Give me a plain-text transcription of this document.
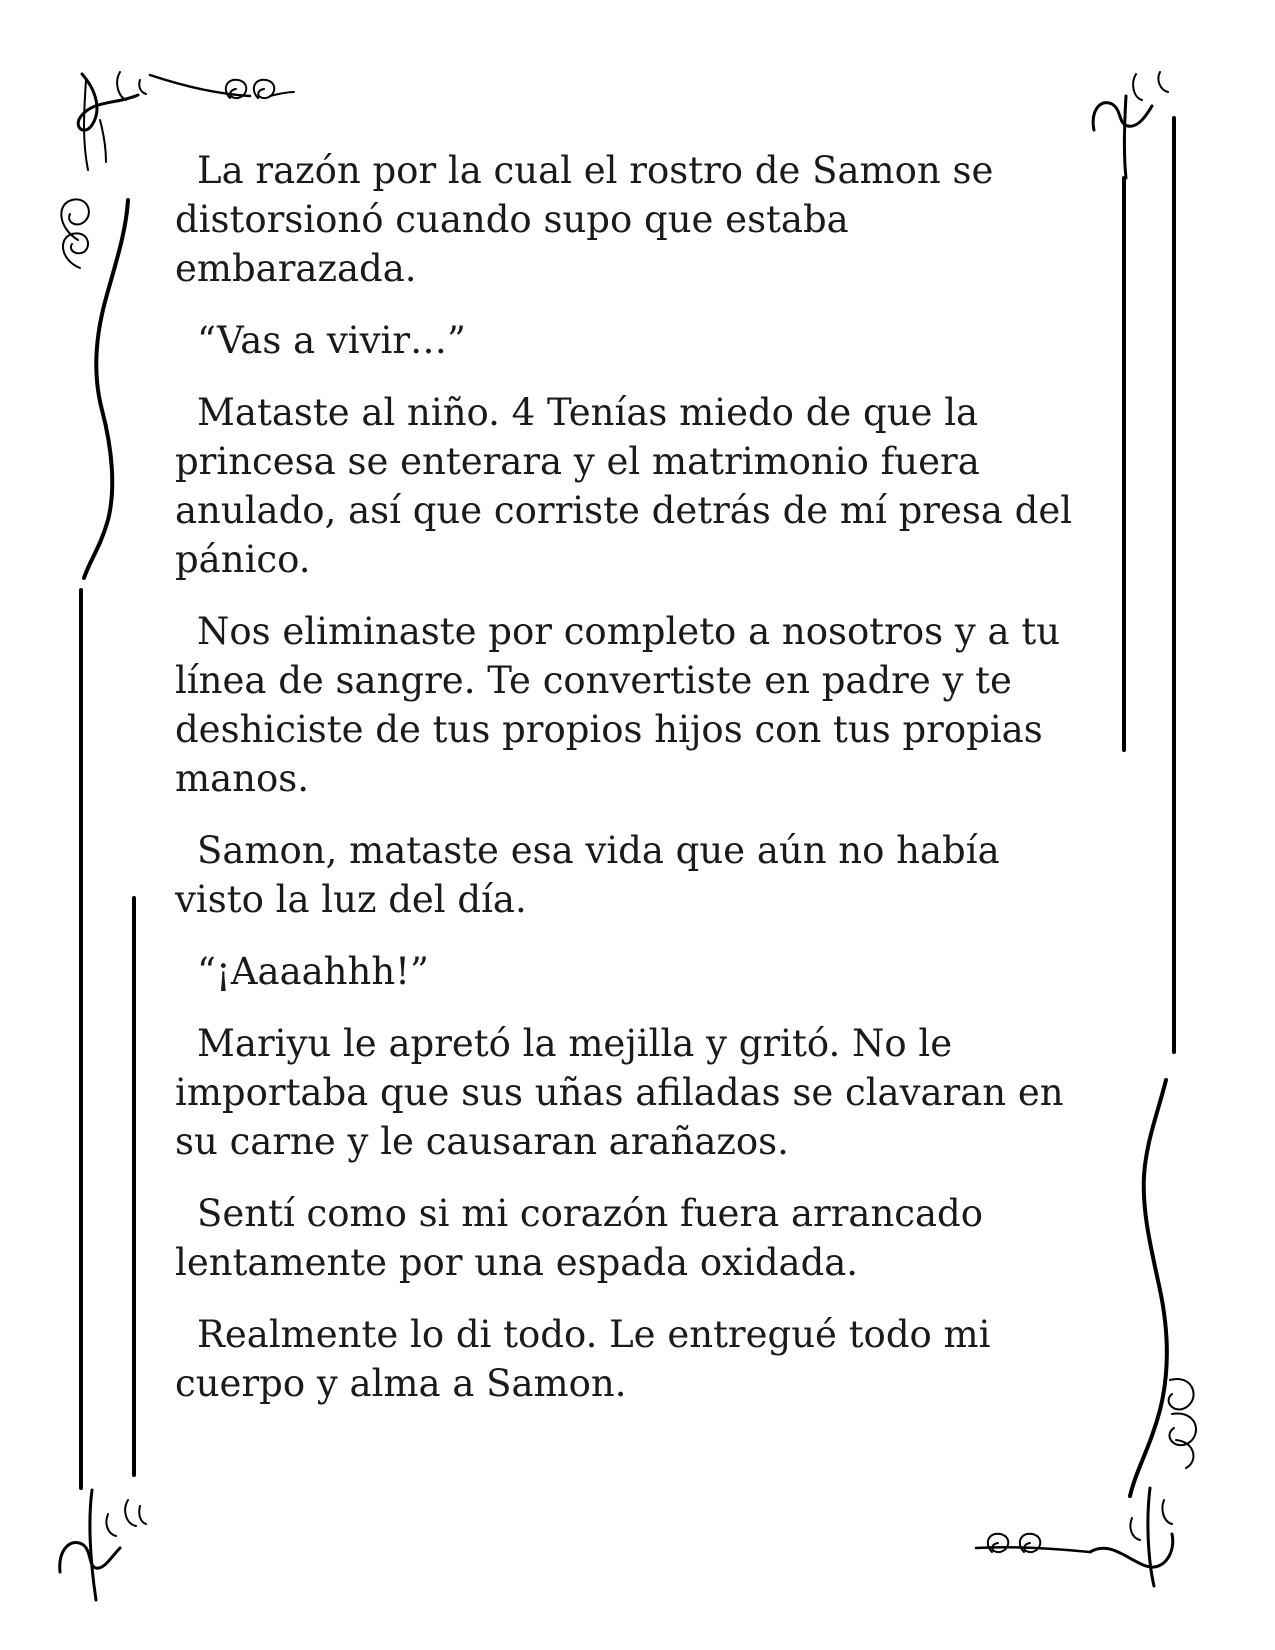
La razón por la cual el rostro de Samon se distorsionó cuando supo que estaba embarazada.

“Vas a vivir…”

Mataste al niño. 4 Tenías miedo de que la princesa se enterara y el matrimonio fuera anulado, así que corriste detrás de mí presa del pánico.

Nos eliminaste por completo a nosotros y a tu línea de sangre. Te convertiste en padre y te deshiciste de tus propios hijos con tus propias manos.

Samon, mataste esa vida que aún no había visto la luz del día.

“¡Aaaahhh!”

Mariyu le apretó la mejilla y gritó. No le importaba que sus uñas afiladas se clavaran en su carne y le causaran arañazos.

Sentí como si mi corazón fuera arrancado lentamente por una espada oxidada.

Realmente lo di todo. Le entregué todo mi cuerpo y alma a Samon.
